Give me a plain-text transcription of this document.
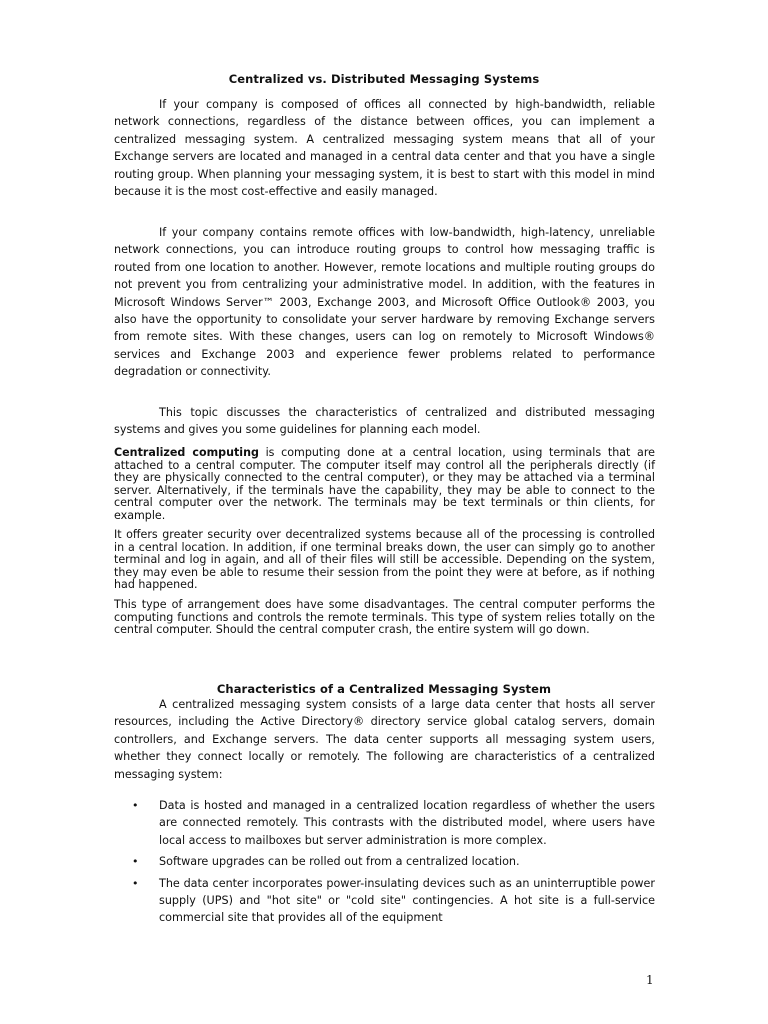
Centralized vs. Distributed Messaging Systems

If your company is composed of offices all connected by high-bandwidth, reliable network connections, regardless of the distance between offices, you can implement a centralized messaging system. A centralized messaging system means that all of your Exchange servers are located and managed in a central data center and that you have a single routing group. When planning your messaging system, it is best to start with this model in mind because it is the most cost-effective and easily managed.

If your company contains remote offices with low-bandwidth, high-latency, unreliable network connections, you can introduce routing groups to control how messaging traffic is routed from one location to another. However, remote locations and multiple routing groups do not prevent you from centralizing your administrative model. In addition, with the features in Microsoft Windows Server™ 2003, Exchange 2003, and Microsoft Office Outlook® 2003, you also have the opportunity to consolidate your server hardware by removing Exchange servers from remote sites. With these changes, users can log on remotely to Microsoft Windows® services and Exchange 2003 and experience fewer problems related to performance degradation or connectivity.

This topic discusses the characteristics of centralized and distributed messaging systems and gives you some guidelines for planning each model.

Centralized computing is computing done at a central location, using terminals that are attached to a central computer. The computer itself may control all the peripherals directly (if they are physically connected to the central computer), or they may be attached via a terminal server. Alternatively, if the terminals have the capability, they may be able to connect to the central computer over the network. The terminals may be text terminals or thin clients, for example.

It offers greater security over decentralized systems because all of the processing is controlled in a central location. In addition, if one terminal breaks down, the user can simply go to another terminal and log in again, and all of their files will still be accessible. Depending on the system, they may even be able to resume their session from the point they were at before, as if nothing had happened.

This type of arrangement does have some disadvantages. The central computer performs the computing functions and controls the remote terminals. This type of system relies totally on the central computer. Should the central computer crash, the entire system will go down.

Characteristics of a Centralized Messaging System

A centralized messaging system consists of a large data center that hosts all server resources, including the Active Directory® directory service global catalog servers, domain controllers, and Exchange servers. The data center supports all messaging system users, whether they connect locally or remotely. The following are characteristics of a centralized messaging system:

• Data is hosted and managed in a centralized location regardless of whether the users are connected remotely. This contrasts with the distributed model, where users have local access to mailboxes but server administration is more complex.
• Software upgrades can be rolled out from a centralized location.
• The data center incorporates power-insulating devices such as an uninterruptible power supply (UPS) and "hot site" or "cold site" contingencies. A hot site is a full-service commercial site that provides all of the equipment
1
